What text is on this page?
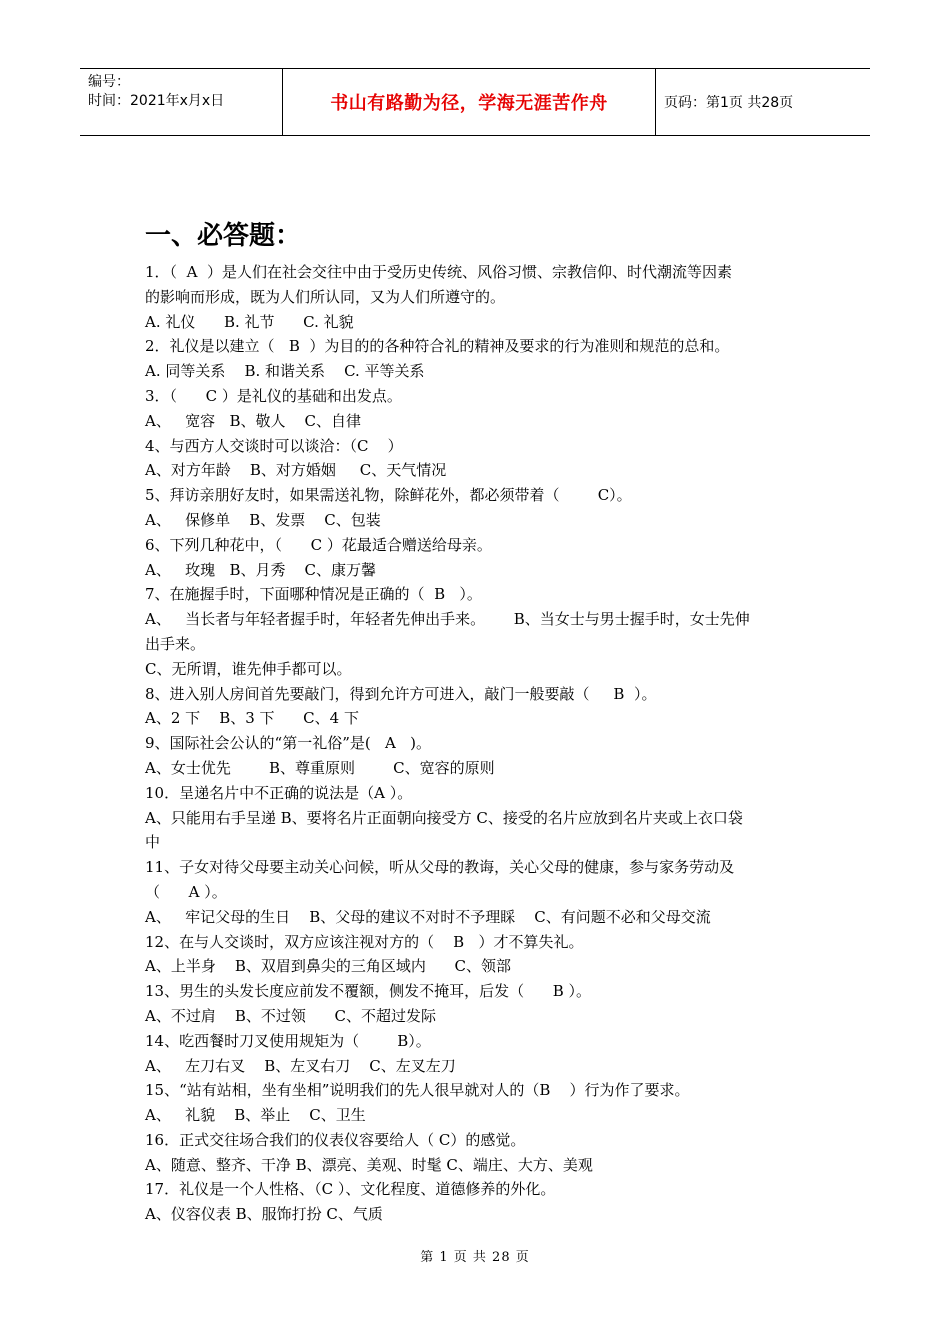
编号：
时间：2021年x月x日	书山有路勤为径，学海无涯苦作舟	页码：第1页 共28页
一、必答题：
1．（  A  ）是人们在社会交往中由于受历史传统、风俗习惯、宗教信仰、时代潮流等因素
的影响而形成，既为人们所认同，又为人们所遵守的。
A. 礼仪      B. 礼节      C. 礼貌
2．礼仪是以建立（   B  ）为目的的各种符合礼的精神及要求的行为准则和规范的总和。
A. 同等关系    B. 和谐关系    C. 平等关系
3．（      C ）是礼仪的基础和出发点。
A、   宽容   B、敬人    C、自律
4、与西方人交谈时可以谈洽：（C    ）
A、对方年龄    B、对方婚姻     C、天气情况
5、拜访亲朋好友时，如果需送礼物，除鲜花外，都必须带着（        C）。
A、   保修单    B、发票    C、包装
6、下列几种花中，（      C ）花最适合赠送给母亲。
A、   玫瑰   B、月秀    C、康万馨
7、在施握手时，下面哪种情况是正确的（  B   ）。
A、   当长者与年轻者握手时，年轻者先伸出手来。      B、当女士与男士握手时，女士先伸
出手来。
C、无所谓，谁先伸手都可以。
8、进入别人房间首先要敲门，得到允许方可进入，敲门一般要敲（     B  ）。
A、2 下    B、3 下      C、4 下
9、国际社会公认的“第一礼俗”是(   A   )。
A、女士优先        B、尊重原则        C、宽容的原则
10．呈递名片中不正确的说法是（A ）。
A、只能用右手呈递 B、要将名片正面朝向接受方 C、接受的名片应放到名片夹或上衣口袋
中
11、子女对待父母要主动关心问候，听从父母的教诲，关心父母的健康，参与家务劳动及
（      A ）。
A、   牢记父母的生日    B、父母的建议不对时不予理睬    C、有问题不必和父母交流
12、在与人交谈时，双方应该注视对方的（    B   ）才不算失礼。
A、上半身    B、双眉到鼻尖的三角区域内      C、领部
13、男生的头发长度应前发不覆额，侧发不掩耳，后发（      B ）。
A、不过肩    B、不过领      C、不超过发际
14、吃西餐时刀叉使用规矩为（        B）。
A、   左刀右叉    B、左叉右刀    C、左叉左刀
15、“站有站相，坐有坐相”说明我们的先人很早就对人的（B    ）行为作了要求。
A、   礼貌    B、举止    C、卫生
16．正式交往场合我们的仪表仪容要给人（ C）的感觉。
A、随意、整齐、干净 B、漂亮、美观、时髦 C、端庄、大方、美观
17．礼仪是一个人性格、（C ）、文化程度、道德修养的外化。
A、仪容仪表 B、服饰打扮 C、气质
第 1 页 共 28 页
